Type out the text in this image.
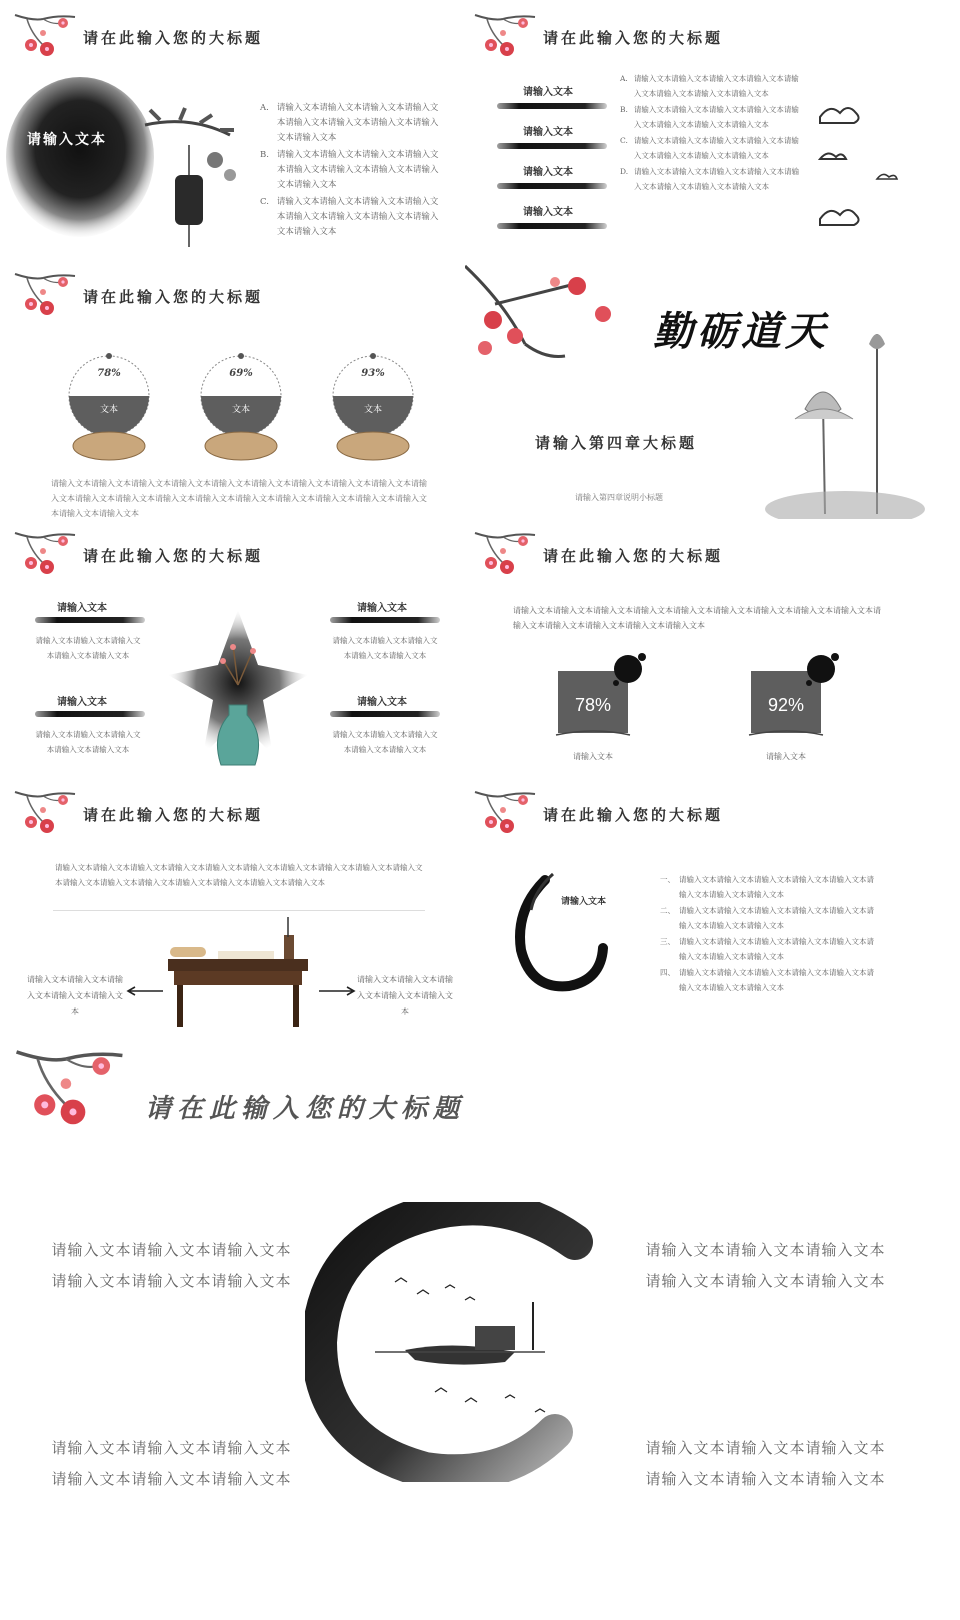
请在此输入您的大标题
请输入文本
A. 请输入文本请输入文本请输入文本请输入文本请输入文本请输入文本请输入文本请输入文本请输入文本
B. 请输入文本请输入文本请输入文本请输入文本请输入文本请输入文本请输入文本请输入文本请输入文本
C. 请输入文本请输入文本请输入文本请输入文本请输入文本请输入文本请输入文本请输入文本请输入文本
请在此输入您的大标题
请输入文本
请输入文本
请输入文本
请输入文本
A. 请输入文本请输入文本请输入文本请输入文本请输入文本请输入文本请输入文本请输入文本
B. 请输入文本请输入文本请输入文本请输入文本请输入文本请输入文本请输入文本请输入文本
C. 请输入文本请输入文本请输入文本请输入文本请输入文本请输入文本请输入文本请输入文本
D. 请输入文本请输入文本请输入文本请输入文本请输入文本请输入文本请输入文本请输入文本
请在此输入您的大标题
78%	69%	93%
文本	文本	文本
请输入文本请输入文本请输入文本请输入文本请输入文本请输入文本请输入文本请输入文本请输入文本请输入文本请输入文本请输入文本请输入文本请输入文本请输入文本请输入文本请输入文本请输入文本请输入文本请输入文本请输入文本
勤砺道天
请输入第四章大标题
请输入第四章说明小标题
请在此输入您的大标题
请输入文本
请输入文本请输入文本请输入文本请输入文本请输入文本
请输入文本
请输入文本请输入文本请输入文本请输入文本请输入文本
请输入文本
请输入文本请输入文本请输入文本请输入文本请输入文本
请输入文本
请输入文本请输入文本请输入文本请输入文本请输入文本
请在此输入您的大标题
请输入文本请输入文本请输入文本请输入文本请输入文本请输入文本请输入文本请输入文本请输入文本请输入文本请输入文本请输入文本请输入文本请输入文本
78%
请输入文本
92%
请输入文本
请在此输入您的大标题
请输入文本请输入文本请输入文本请输入文本请输入文本请输入文本请输入文本请输入文本请输入文本请输入文本请输入文本请输入文本请输入文本请输入文本请输入文本请输入文本请输入文本
请输入文本请输入文本请输入文本请输入文本请输入文本
请输入文本请输入文本请输入文本请输入文本请输入文本
请在此输入您的大标题
请输入文本
一、 请输入文本请输入文本请输入文本请输入文本请输入文本请输入文本请输入文本请输入文本
二、 请输入文本请输入文本请输入文本请输入文本请输入文本请输入文本请输入文本请输入文本
三、 请输入文本请输入文本请输入文本请输入文本请输入文本请输入文本请输入文本请输入文本
四、 请输入文本请输入文本请输入文本请输入文本请输入文本请输入文本请输入文本请输入文本
请在此输入您的大标题
请输入文本请输入文本请输入文本请输入文本请输入文本请输入文本
请输入文本请输入文本请输入文本请输入文本请输入文本请输入文本
请输入文本请输入文本请输入文本请输入文本请输入文本请输入文本
请输入文本请输入文本请输入文本请输入文本请输入文本请输入文本
